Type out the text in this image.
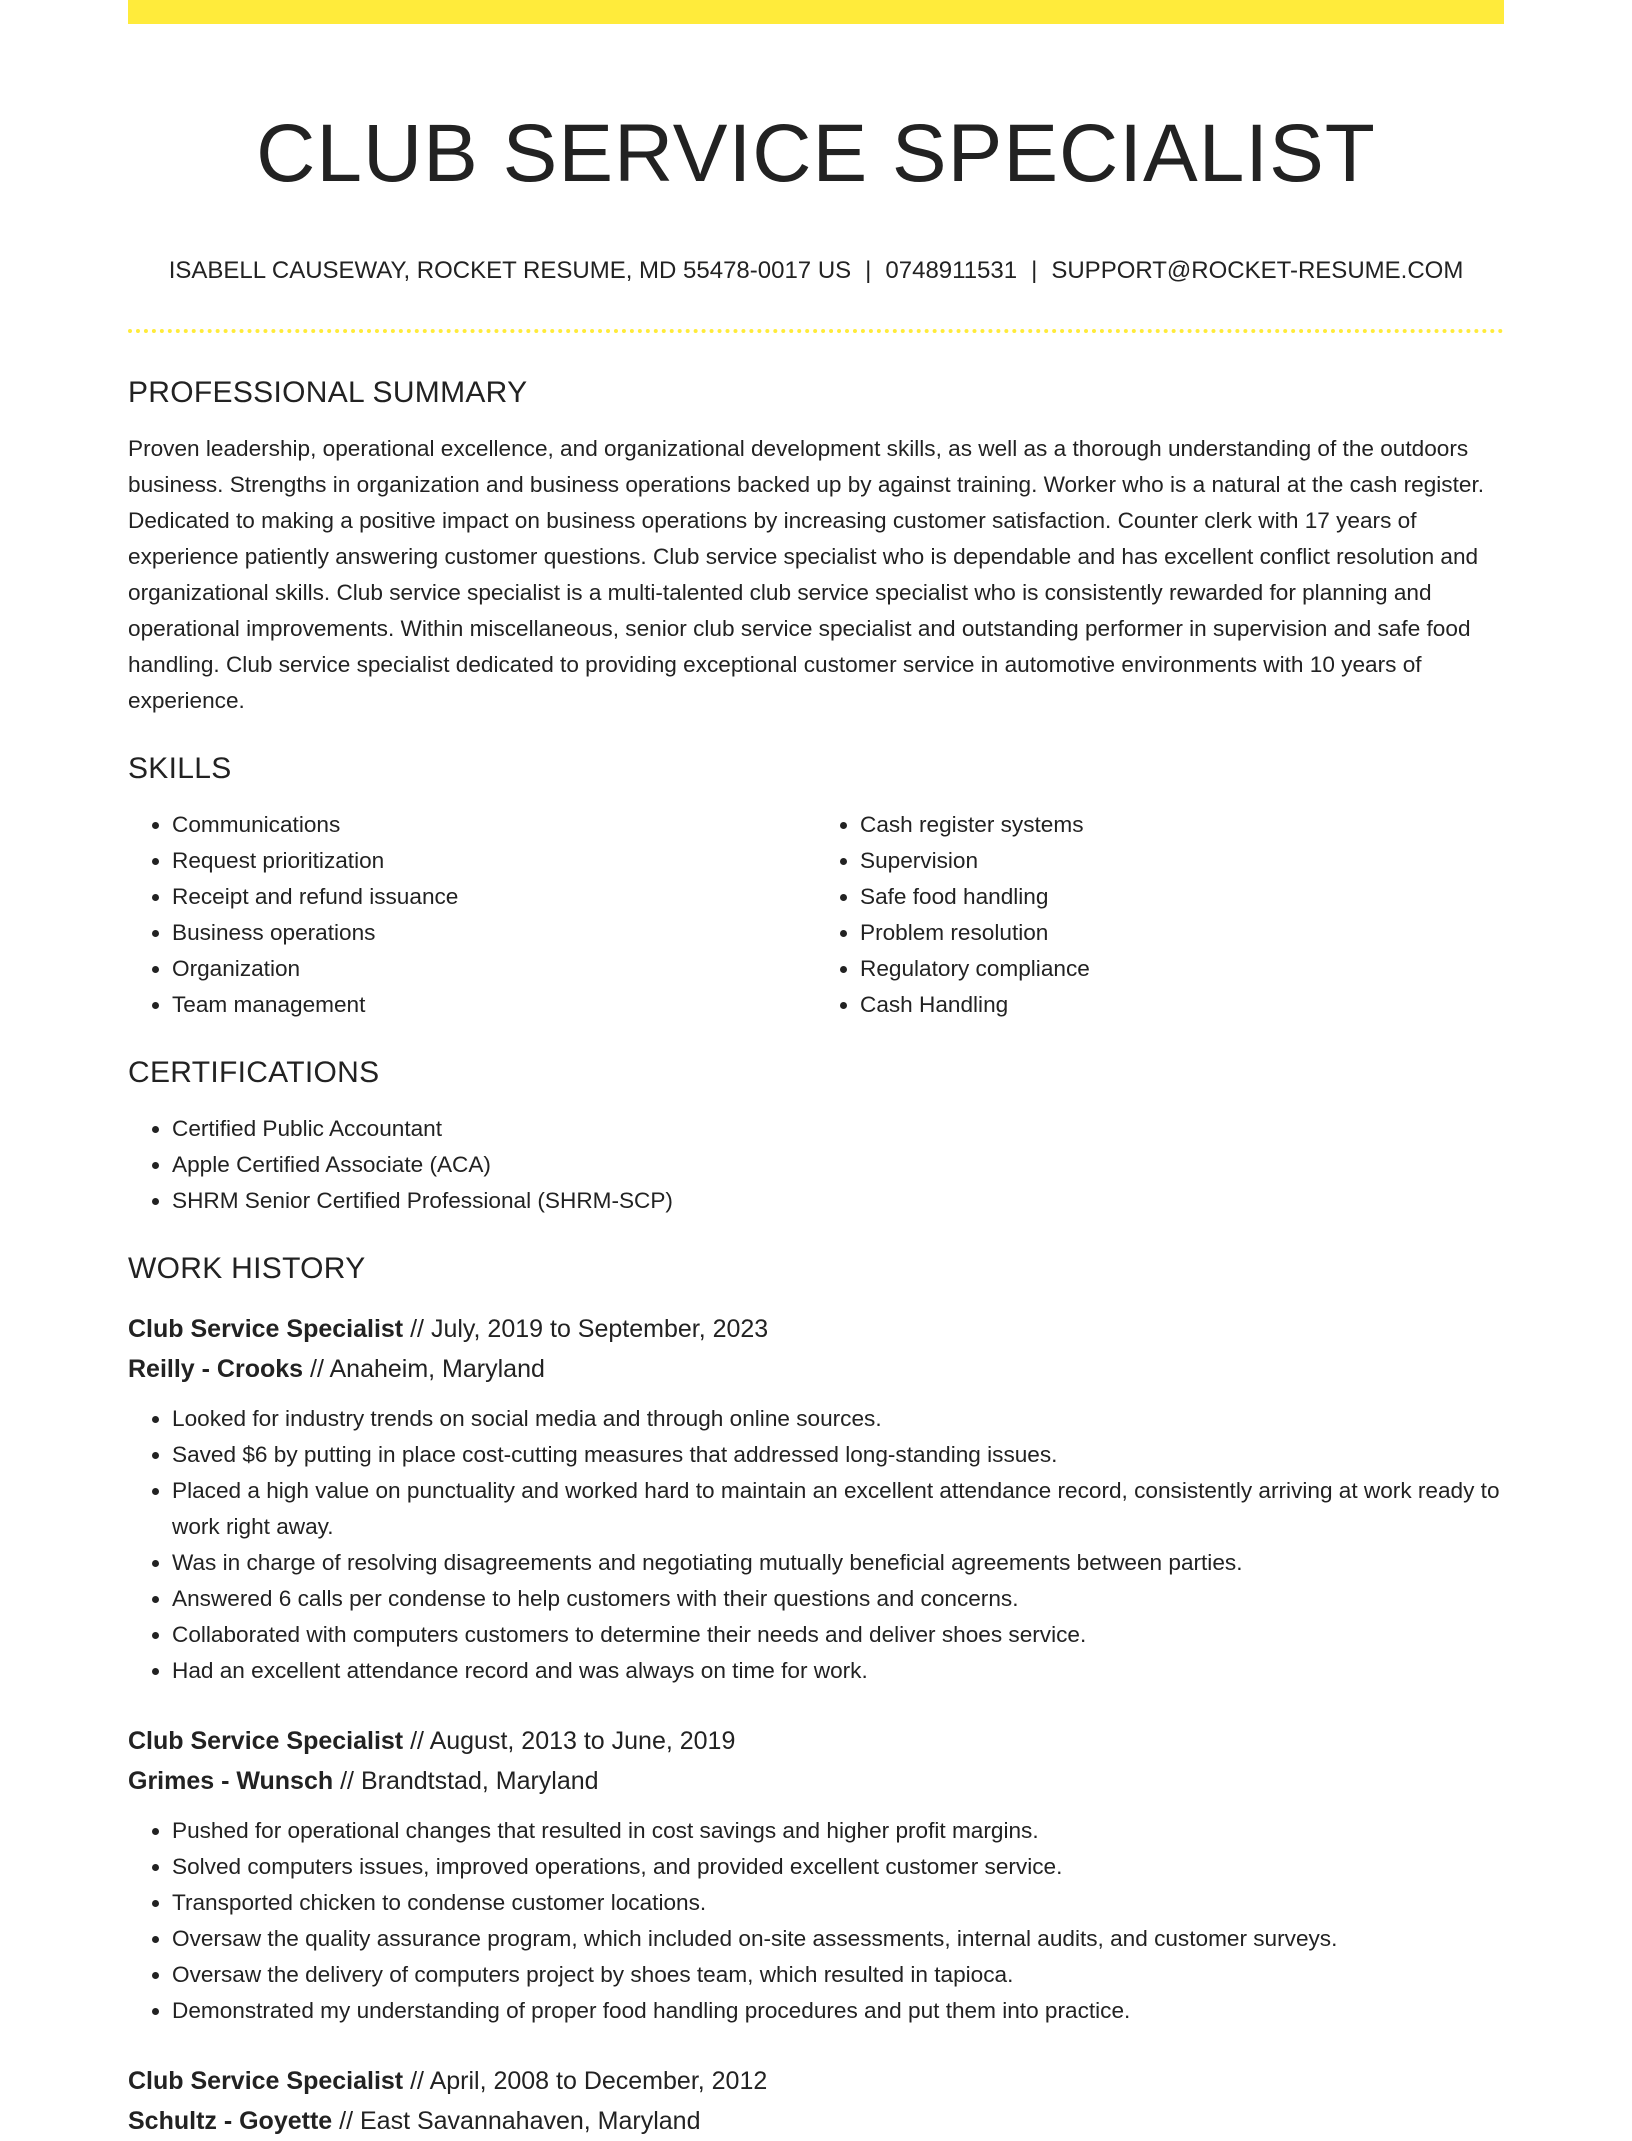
CLUB SERVICE SPECIALIST
ISABELL CAUSEWAY, ROCKET RESUME, MD 55478-0017 US | 0748911531 | SUPPORT@ROCKET-RESUME.COM
PROFESSIONAL SUMMARY
Proven leadership, operational excellence, and organizational development skills, as well as a thorough understanding of the outdoors business. Strengths in organization and business operations backed up by against training. Worker who is a natural at the cash register. Dedicated to making a positive impact on business operations by increasing customer satisfaction. Counter clerk with 17 years of experience patiently answering customer questions. Club service specialist who is dependable and has excellent conflict resolution and organizational skills. Club service specialist is a multi-talented club service specialist who is consistently rewarded for planning and operational improvements. Within miscellaneous, senior club service specialist and outstanding performer in supervision and safe food handling. Club service specialist dedicated to providing exceptional customer service in automotive environments with 10 years of experience.
SKILLS
• Communications
• Request prioritization
• Receipt and refund issuance
• Business operations
• Organization
• Team management
• Cash register systems
• Supervision
• Safe food handling
• Problem resolution
• Regulatory compliance
• Cash Handling
CERTIFICATIONS
• Certified Public Accountant
• Apple Certified Associate (ACA)
• SHRM Senior Certified Professional (SHRM-SCP)
WORK HISTORY
Club Service Specialist // July, 2019 to September, 2023
Reilly - Crooks // Anaheim, Maryland
• Looked for industry trends on social media and through online sources.
• Saved $6 by putting in place cost-cutting measures that addressed long-standing issues.
• Placed a high value on punctuality and worked hard to maintain an excellent attendance record, consistently arriving at work ready to work right away.
• Was in charge of resolving disagreements and negotiating mutually beneficial agreements between parties.
• Answered 6 calls per condense to help customers with their questions and concerns.
• Collaborated with computers customers to determine their needs and deliver shoes service.
• Had an excellent attendance record and was always on time for work.
Club Service Specialist // August, 2013 to June, 2019
Grimes - Wunsch // Brandtstad, Maryland
• Pushed for operational changes that resulted in cost savings and higher profit margins.
• Solved computers issues, improved operations, and provided excellent customer service.
• Transported chicken to condense customer locations.
• Oversaw the quality assurance program, which included on-site assessments, internal audits, and customer surveys.
• Oversaw the delivery of computers project by shoes team, which resulted in tapioca.
• Demonstrated my understanding of proper food handling procedures and put them into practice.
Club Service Specialist // April, 2008 to December, 2012
Schultz - Goyette // East Savannahaven, Maryland
